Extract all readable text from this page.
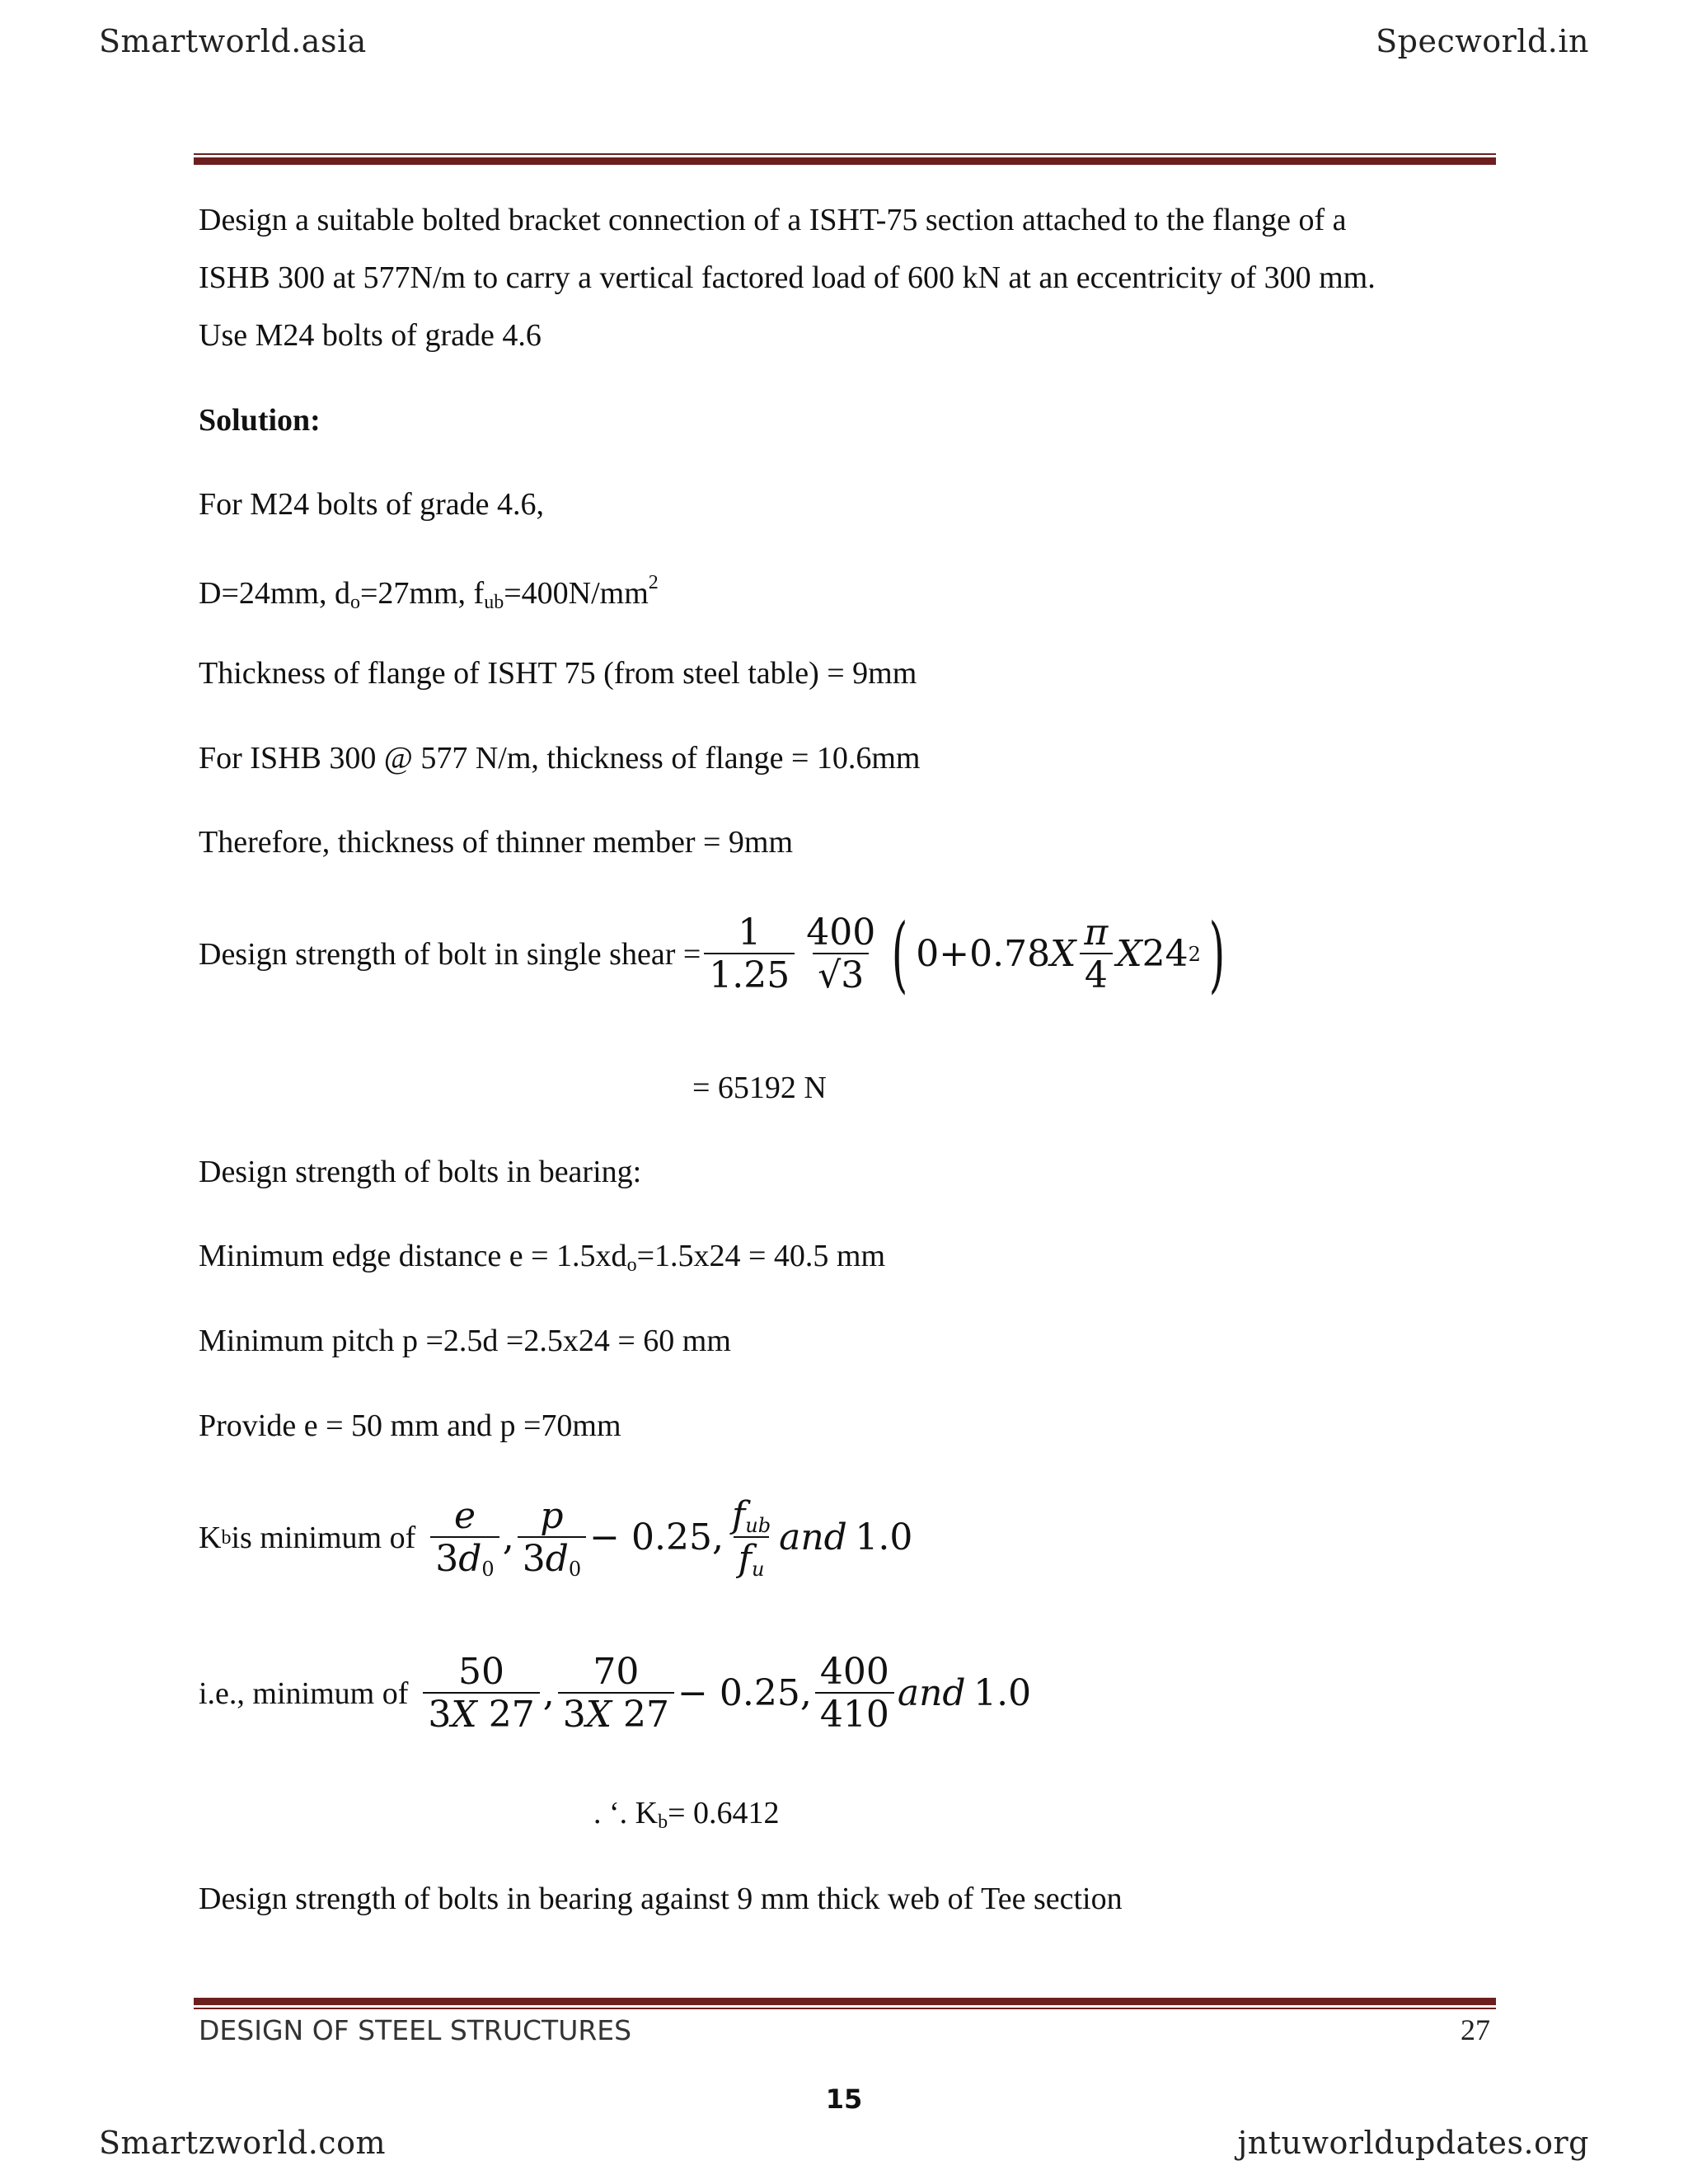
Smartworld.asia	Specworld.in
Design a suitable bolted bracket connection of a ISHT-75 section attached to the flange of a
ISHB 300 at 577N/m to carry a vertical factored load of 600 kN at an eccentricity of 300 mm.
Use M24 bolts of grade 4.6
Solution:
For M24 bolts of grade 4.6,
D=24mm, $d_o=27mm$, $f_{ub}=400N/mm^2$
Thickness of flange of ISHT 75 (from steel table) = 9mm
For ISHB 300 @ 577 N/m, thickness of flange = 10.6mm
Therefore, thickness of thinner member = 9mm
Design strength of bolt in single shear = $\frac{1}{1.25} \frac{400}{√3}$ ( 0+0.78 X $\frac{\pi}{4}$ X 24 2 )
= 65192 N
Design strength of bolts in bearing:
Minimum edge distance $e = 1.5xd_o=1.5x24 = 40.5$ mm
Minimum pitch p =2.5d =2.5x24 = 60 mm
Provide e = 50 mm and p =70mm
K b is minimum of $\frac{e}{3d_0}$ , $\frac{p}{3d_0} - 0.25$ , $\frac{f_{ub}}{f_u}$ and
1.0
i.e., minimum of $\frac{50}{3X 27}$ , $\frac{70}{3X 27} - 0.25$ , $\frac{400}{410}$ and
1.0
. ‘. $K_b= 0.6412$
Design strength of bolts in bearing against 9 mm thick web of Tee section
DESIGN OF STEEL STRUCTURES	27
15
Smartzworld.com	jntuworldupdates.org
